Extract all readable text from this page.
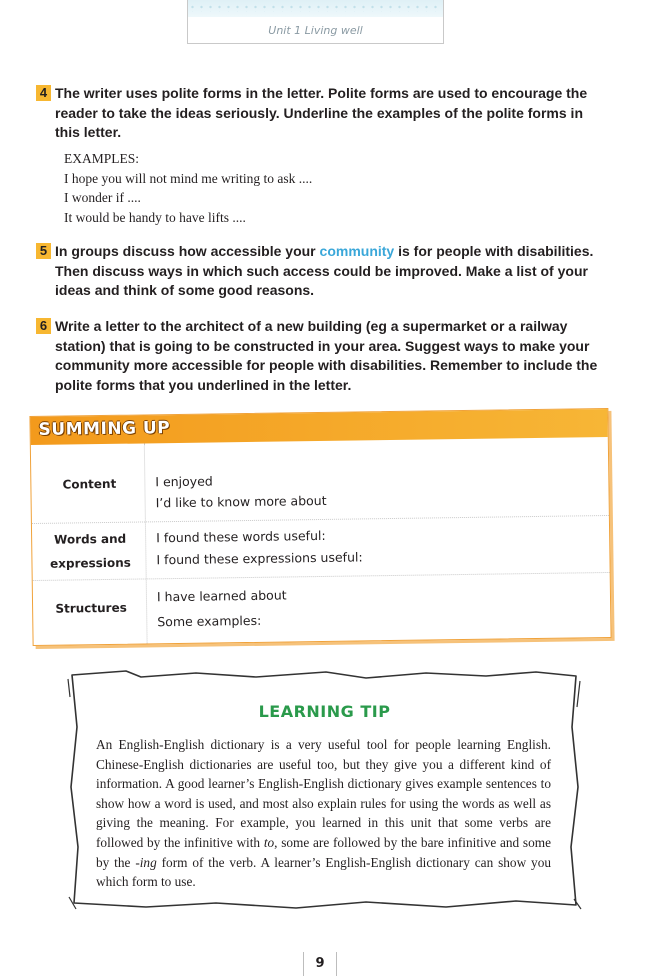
Unit 1 Living well
4 The writer uses polite forms in the letter. Polite forms are used to encourage the reader to take the ideas seriously. Underline the examples of the polite forms in this letter.
EXAMPLES:
I hope you will not mind me writing to ask ....
I wonder if ....
It would be handy to have lifts ....
5 In groups discuss how accessible your community is for people with disabilities. Then discuss ways in which such access could be improved. Make a list of your ideas and think of some good reasons.
6 Write a letter to the architect of a new building (eg a supermarket or a railway station) that is going to be constructed in your area. Suggest ways to make your community more accessible for people with disabilities. Remember to include the polite forms that you underlined in the letter.
SUMMING UP
Content	I enjoyed
I’d like to know more about
Words and expressions
I found these words useful:
I found these expressions useful:
Structures
I have learned about
Some examples:
LEARNING TIP
An English-English dictionary is a very useful tool for people learning English. Chinese-English dictionaries are useful too, but they give you a different kind of information. A good learner’s English-English dictionary gives example sentences to show how a word is used, and most also explain rules for using the words as well as giving the meaning. For example, you learned in this unit that some verbs are followed by the infinitive with to, some are followed by the bare infinitive and some by the -ing form of the verb. A learner’s English-English dictionary can show you which form to use.
9
